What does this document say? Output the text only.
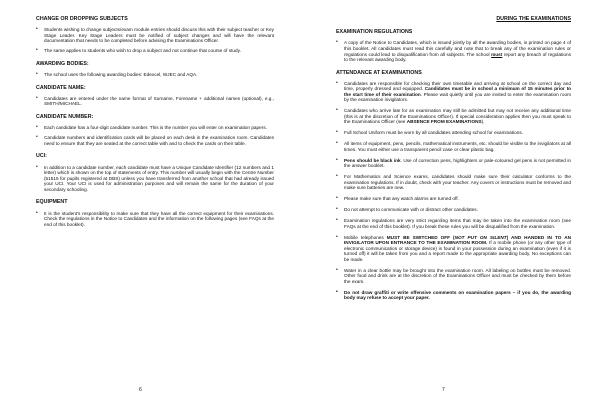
CHANGE OR DROPPING SUBJECTS

• Students wishing to change subjects/exam module entries should discuss this with their subject teacher or Key Stage Leader. Key Stage Leaders must be notified of subject changes and will have the relevant documentation that needs to be completed before advising the Examinations Officer.

• The same applies to students who wish to drop a subject and not continue that course of study.

AWARDING BODIES:

• The school uses the following awarding bodies: Edexcel, WJEC and AQA.

CANDIDATE NAME:

• Candidates are entered under the name format of Surname, Forename + additional names (optional), e.g., SMITH/MICHAEL.

CANDIDATE NUMBER:

• Each candidate has a four-digit candidate number. This is the number you will enter on examination papers.

• Candidate numbers and identification cards will be placed on each desk in the examination room. Candidates need to ensure that they are seated at the correct table with and to check the cards on their table.

UCI:

• In addition to a candidate number, each candidate must have a Unique Candidate Identifier (12 numbers and 1 letter) which is shown on the top of statements of entry. This number will usually begin with the Centre Number (51515 for pupils registered at DBS) unless you have transferred from another school that had already issued your UCI. Your UCI is used for administration purposes and will remain the same for the duration of your secondary schooling.

EQUIPMENT

• It is the student's responsibility to make sure that they have all the correct equipment for their examinations. Check the regulations in the Notice to Candidates and the information on the following pages (see FAQs at the end of this booklet).

6
DURING THE EXAMINATIONS
EXAMINATION REGULATIONS

• A copy of the Notice to Candidates, which is issued jointly by all the awarding bodies, is printed on page 4 of this booklet. All candidates must read this carefully and note that to break any of the examination rules or regulations could lead to disqualification from all subjects. The school must report any breach of regulations to the relevant awarding body.

ATTENDANCE AT EXAMINATIONS

• Candidates are responsible for checking their own timetable and arriving at school on the correct day and time, properly dressed and equipped. Candidates must be in school a minimum of 15 minutes prior to the start time of their examination. Please wait quietly until you are invited to enter the examination room by the examination invigilators.

• Candidates who arrive late for an examination may still be admitted but may not receive any additional time (this is at the discretion of the Examinations Officer). If special consideration applies then you must speak to the Examinations Officer (see ABSENCE FROM EXAMINATIONS).

• Full School Uniform must be worn by all candidates attending school for examinations.

• All items of equipment, pens, pencils, mathematical instruments, etc. should be visible to the invigilators at all times. You must either use a transparent pencil case or clear plastic bag.

• Pens should be black ink. Use of correction pens, highlighters or pale-coloured gel pens is not permitted in the answer booklet.

• For Mathematics and Science exams, candidates should make sure their calculator conforms to the examination regulations. If in doubt, check with your teacher. Any covers or instructions must be removed and make sure batteries are new.

• Please make sure that any watch alarms are turned off.

• Do not attempt to communicate with or distract other candidates.

• Examination regulations are very strict regarding items that may be taken into the examination room (see FAQs at the end of this booklet). If you break these rules you will be disqualified from the examination.

• Mobile telephones MUST BE SWITCHED OFF (NOT PUT ON SILENT) AND HANDED IN TO AN INVIGILATOR UPON ENTRANCE TO THE EXAMINATION ROOM. If a mobile phone (or any other type of electronic communication or storage device) is found in your possession during an examination (even if it is turned off) it will be taken from you and a report made to the appropriate awarding body. No exceptions can be made.

• Water in a clear bottle may be brought into the examination room. All labeling on bottles must be removed. Other food and drink are at the discretion of the Examinations Officer and must be checked by them before the exam.

• Do not draw graffiti or write offensive comments on examination papers – if you do, the awarding body may refuse to accept your paper.

7
